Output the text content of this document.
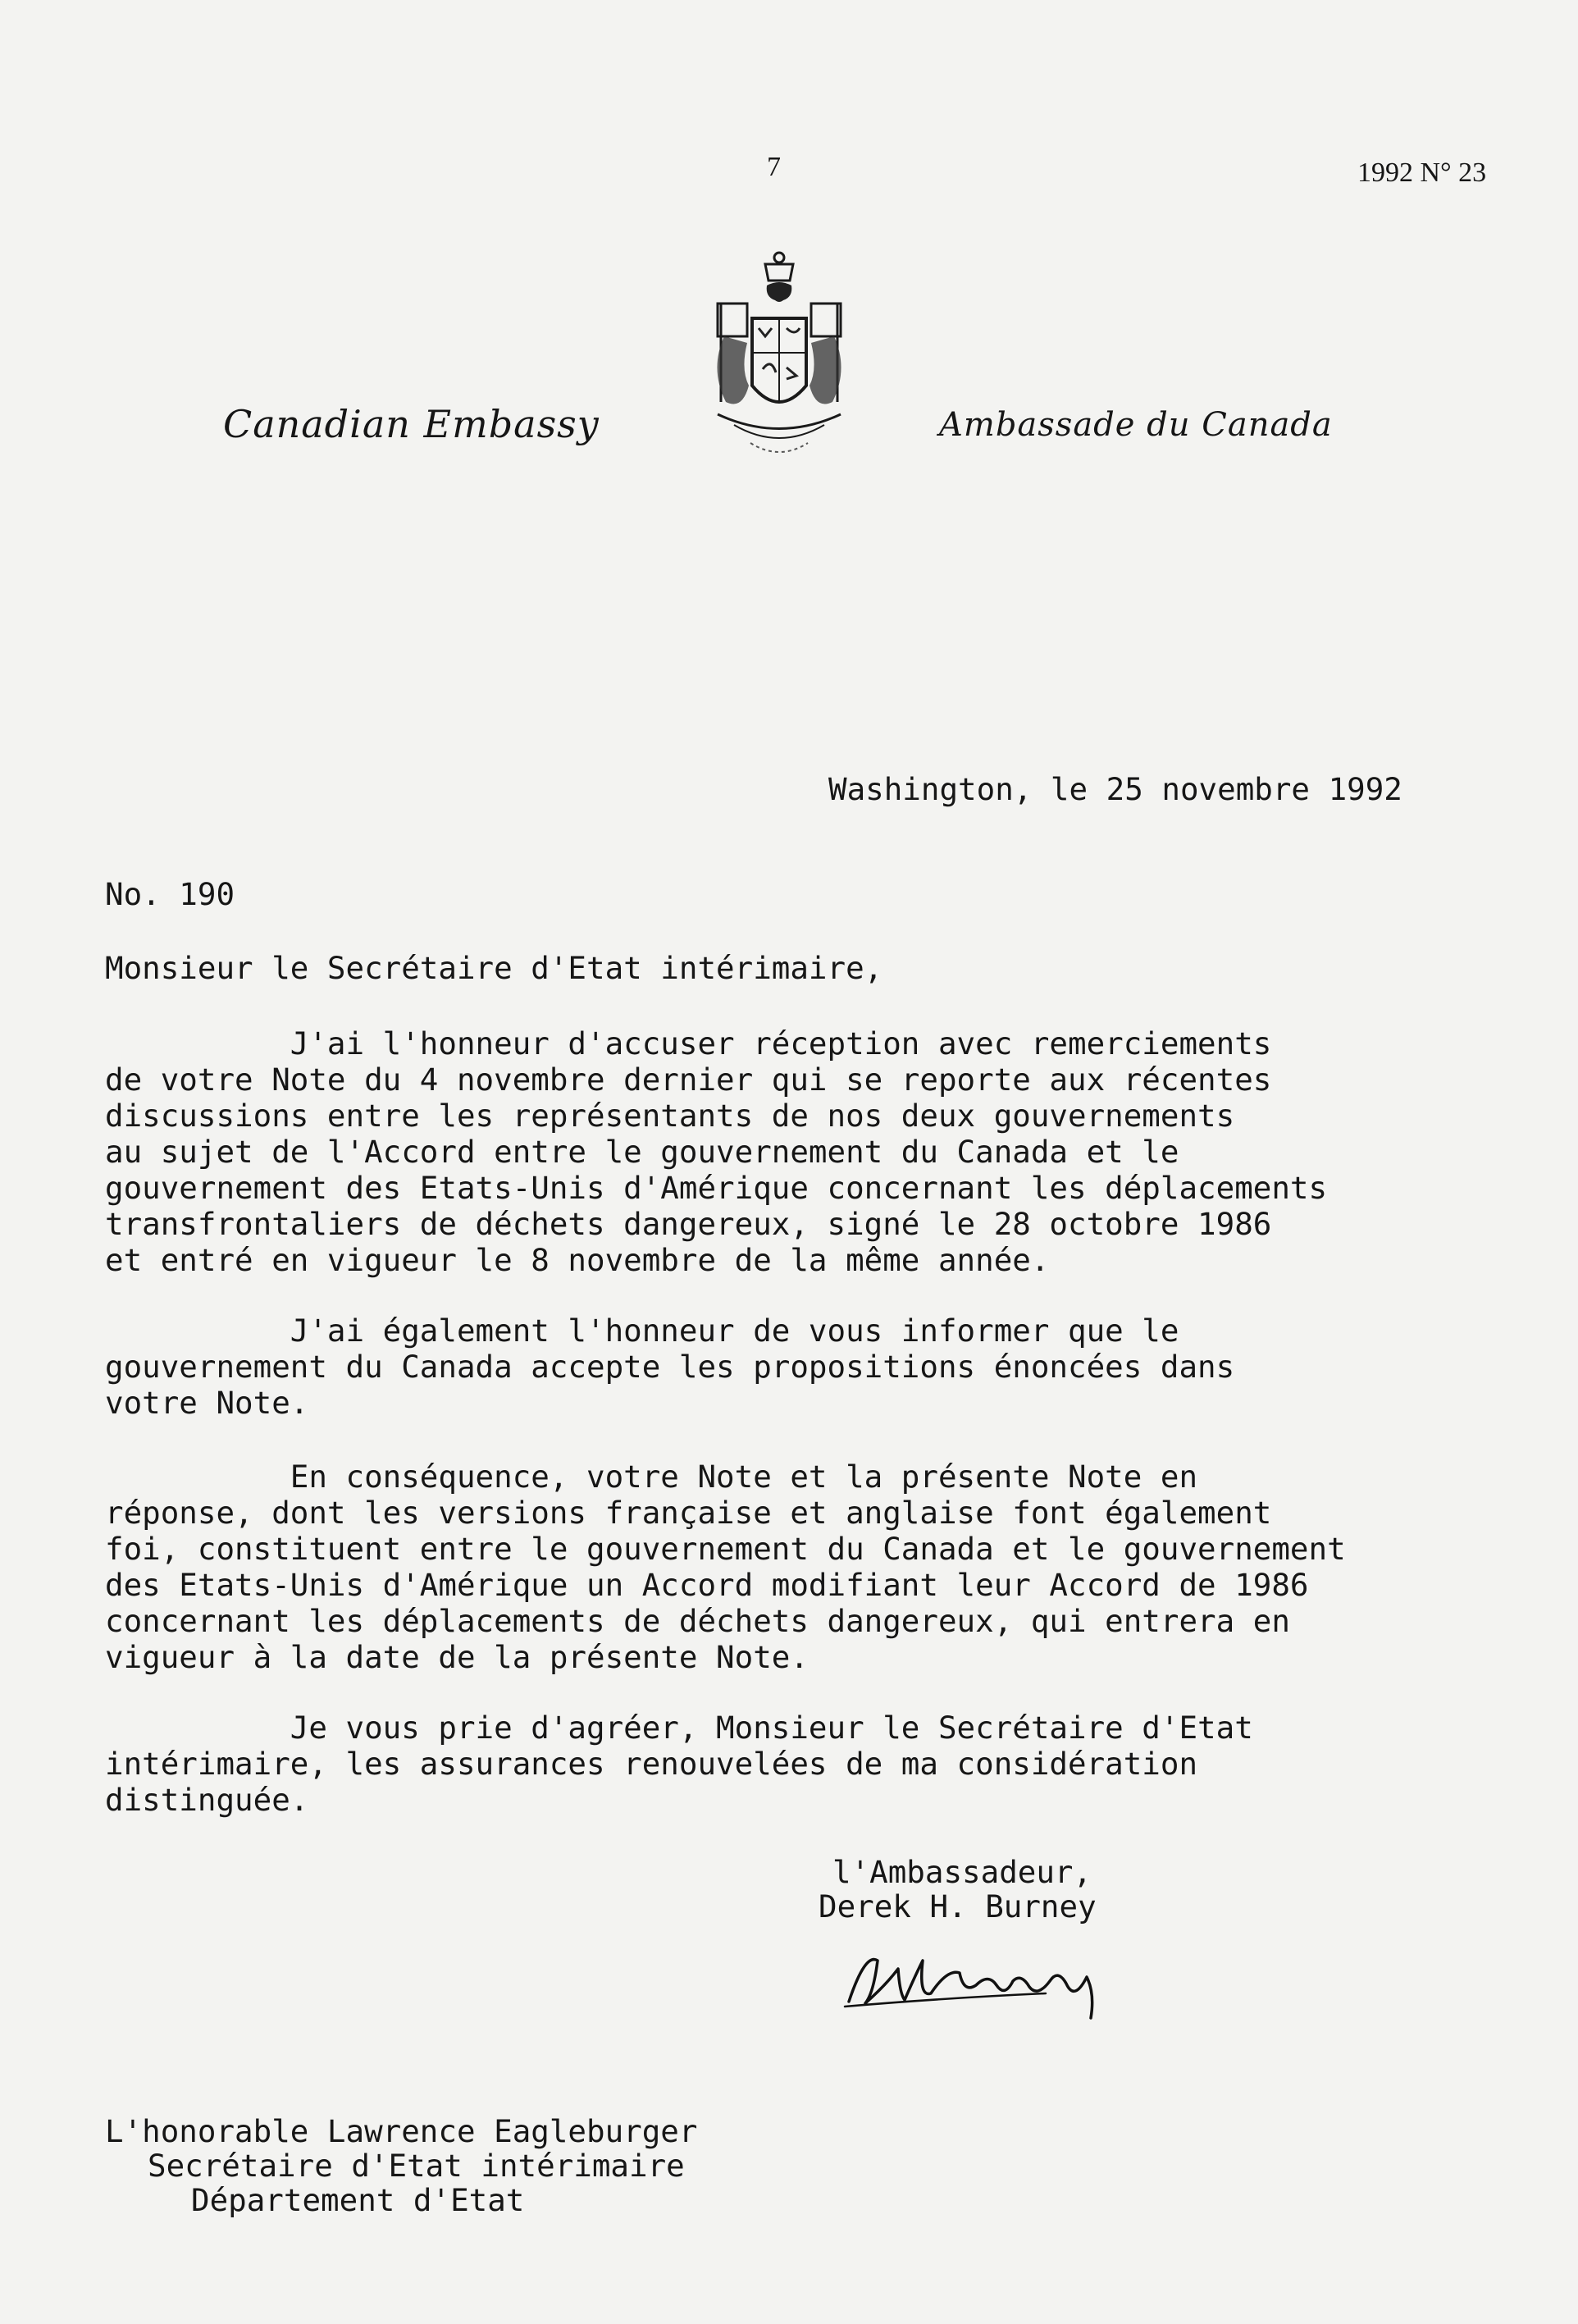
7	1992 N° 23
Canadian Embassy	Ambassade du Canada
Washington, le 25 novembre 1992
No. 190
Monsieur le Secrétaire d'Etat intérimaire,
J'ai l'honneur d'accuser réception avec remerciements
de votre Note du 4 novembre dernier qui se reporte aux récentes
discussions entre les représentants de nos deux gouvernements
au sujet de l'Accord entre le gouvernement du Canada et le
gouvernement des Etats-Unis d'Amérique concernant les déplacements
transfrontaliers de déchets dangereux, signé le 28 octobre 1986
et entré en vigueur le 8 novembre de la même année.
J'ai également l'honneur de vous informer que le
gouvernement du Canada accepte les propositions énoncées dans
votre Note.
En conséquence, votre Note et la présente Note en
réponse, dont les versions française et anglaise font également
foi, constituent entre le gouvernement du Canada et le gouvernement
des Etats-Unis d'Amérique un Accord modifiant leur Accord de 1986
concernant les déplacements de déchets dangereux, qui entrera en
vigueur à la date de la présente Note.
Je vous prie d'agréer, Monsieur le Secrétaire d'Etat
intérimaire, les assurances renouvelées de ma considération
distinguée.
l'Ambassadeur,
Derek H. Burney
L'honorable Lawrence Eagleburger
Secrétaire d'Etat intérimaire
Département d'Etat
